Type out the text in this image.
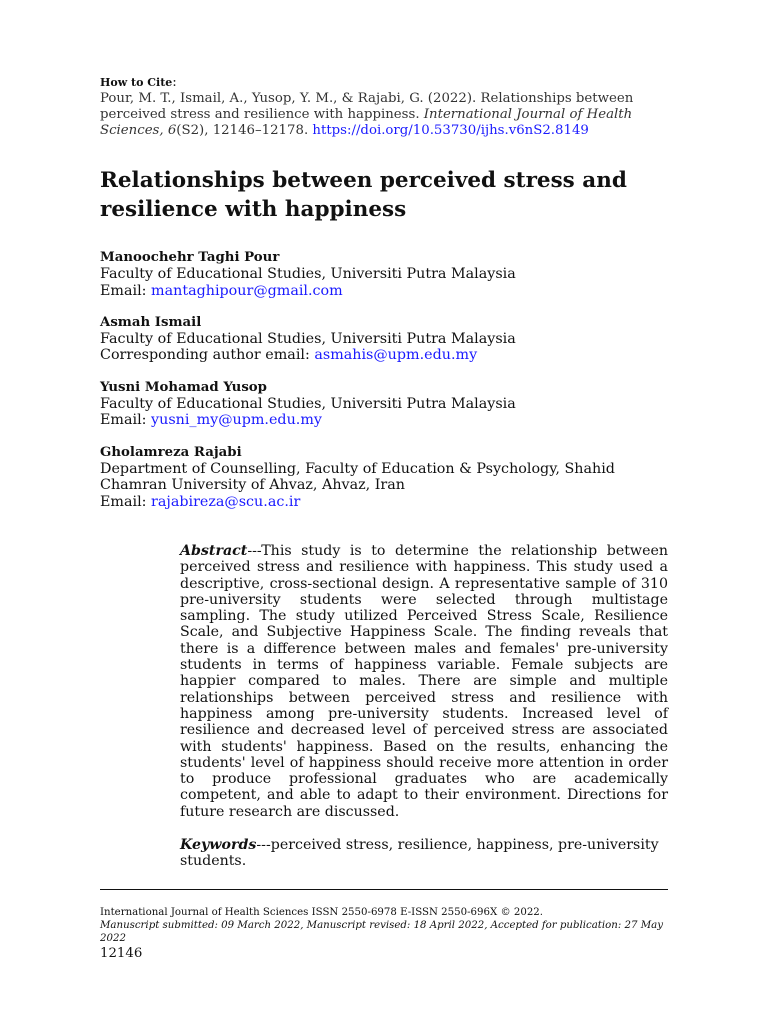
How to Cite:
Pour, M. T., Ismail, A., Yusop, Y. M., & Rajabi, G. (2022). Relationships between perceived stress and resilience with happiness. International Journal of Health Sciences, 6(S2), 12146–12178. https://doi.org/10.53730/ijhs.v6nS2.8149
Relationships between perceived stress and resilience with happiness
Manoochehr Taghi Pour
Faculty of Educational Studies, Universiti Putra Malaysia
Email: mantaghipour@gmail.com
Asmah Ismail
Faculty of Educational Studies, Universiti Putra Malaysia
Corresponding author email: asmahis@upm.edu.my
Yusni Mohamad Yusop
Faculty of Educational Studies, Universiti Putra Malaysia
Email: yusni_my@upm.edu.my
Gholamreza Rajabi
Department of Counselling, Faculty of Education & Psychology, Shahid Chamran University of Ahvaz, Ahvaz, Iran
Email: rajabireza@scu.ac.ir
Abstract---This study is to determine the relationship between perceived stress and resilience with happiness. This study used a descriptive, cross-sectional design. A representative sample of 310 pre-university students were selected through multistage sampling. The study utilized Perceived Stress Scale, Resilience Scale, and Subjective Happiness Scale. The finding reveals that there is a difference between males and females' pre-university students in terms of happiness variable. Female subjects are happier compared to males. There are simple and multiple relationships between perceived stress and resilience with happiness among pre-university students. Increased level of resilience and decreased level of perceived stress are associated with students' happiness. Based on the results, enhancing the students' level of happiness should receive more attention in order to produce professional graduates who are academically competent, and able to adapt to their environment. Directions for future research are discussed.
Keywords---perceived stress, resilience, happiness, pre-university students.
International Journal of Health Sciences ISSN 2550-6978 E-ISSN 2550-696X © 2022.
Manuscript submitted: 09 March 2022, Manuscript revised: 18 April 2022, Accepted for publication: 27 May 2022
12146
